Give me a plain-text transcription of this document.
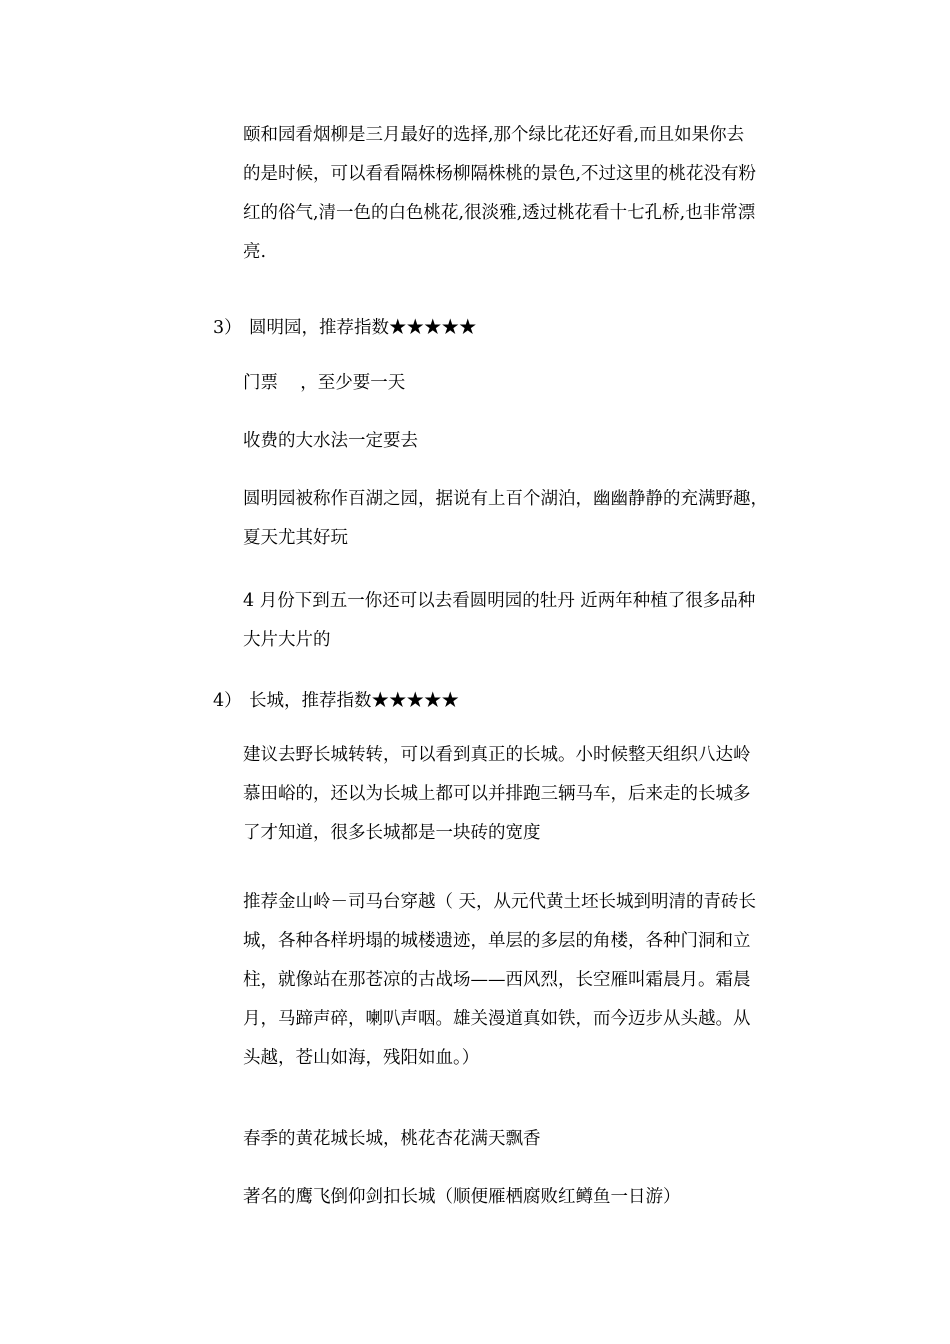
颐和园看烟柳是三月最好的选择,那个绿比花还好看,而且如果你去
的是时候，可以看看隔株杨柳隔株桃的景色,不过这里的桃花没有粉
红的俗气,清一色的白色桃花,很淡雅,透过桃花看十七孔桥,也非常漂
亮.
3） 圆明园，推荐指数★★★★★
门票    ，至少要一天
收费的大水法一定要去
圆明园被称作百湖之园，据说有上百个湖泊，幽幽静静的充满野趣，
夏天尤其好玩
4 月份下到五一你还可以去看圆明园的牡丹 近两年种植了很多品种
大片大片的
4） 长城，推荐指数★★★★★
建议去野长城转转，可以看到真正的长城。小时候整天组织八达岭
慕田峪的，还以为长城上都可以并排跑三辆马车，后来走的长城多
了才知道，很多长城都是一块砖的宽度
推荐金山岭－司马台穿越（ 天，从元代黄土坯长城到明清的青砖长
城，各种各样坍塌的城楼遗迹，单层的多层的角楼，各种门洞和立
柱，就像站在那苍凉的古战场——西风烈，长空雁叫霜晨月。霜晨
月，马蹄声碎，喇叭声咽。雄关漫道真如铁，而今迈步从头越。从
头越，苍山如海，残阳如血。）
春季的黄花城长城，桃花杏花满天飘香
著名的鹰飞倒仰剑扣长城（顺便雁栖腐败红鳟鱼一日游）
